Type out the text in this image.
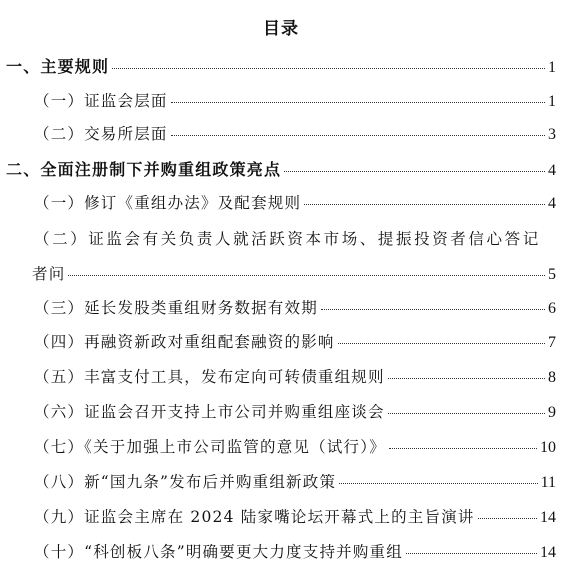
目录
一、主要规则	1
（一）证监会层面	1
（二）交易所层面	3
二、全面注册制下并购重组政策亮点	4
（一）修订《重组办法》及配套规则	4
（二）证监会有关负责人就活跃资本市场、提振投资者信心答记
者问	5
（三）延长发股类重组财务数据有效期	6
（四）再融资新政对重组配套融资的影响	7
（五）丰富支付工具，发布定向可转债重组规则	8
（六）证监会召开支持上市公司并购重组座谈会	9
（七）《关于加强上市公司监管的意见（试行）》	10
（八）新“国九条”发布后并购重组新政策	11
（九）证监会主席在 2024 陆家嘴论坛开幕式上的主旨演讲	14
（十）“科创板八条”明确要更大力度支持并购重组	14
